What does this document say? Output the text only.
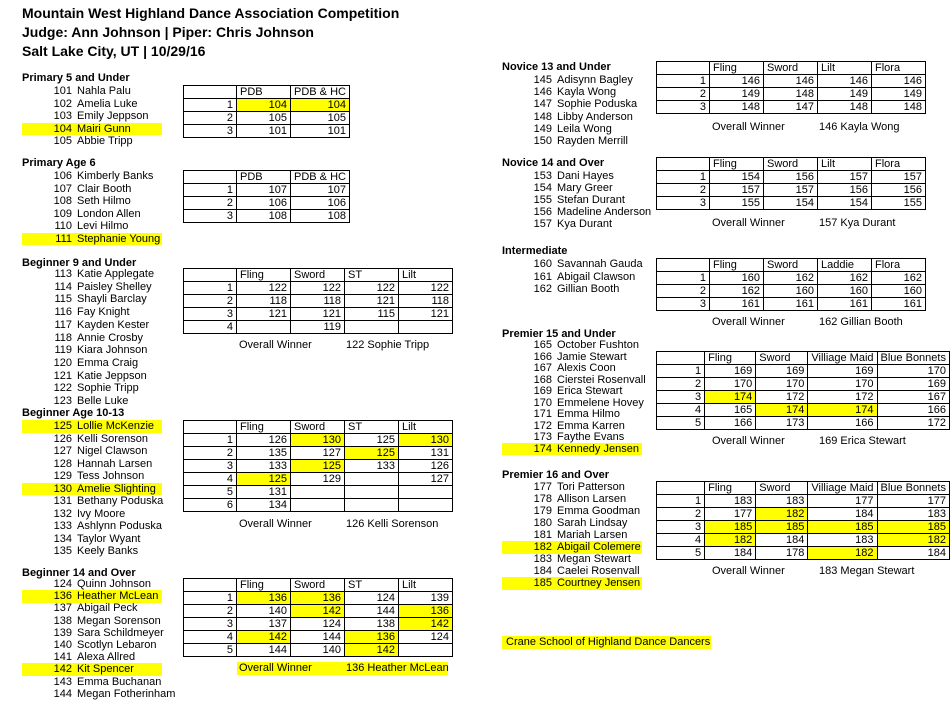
Mountain West Highland Dance Association Competition
Judge: Ann Johnson | Piper: Chris Johnson
Salt Lake City, UT | 10/29/16
Primary 5 and Under
101 Nahla Palu
102 Amelia Luke
103 Emily Jeppson
104 Mairi Gunn
105 Abbie Tripp
	PDB	PDB & HC
1	104	104
2	105	105
3	101	101
Primary Age 6
106 Kimberly Banks
107 Clair Booth
108 Seth Hilmo
109 London Allen
110 Levi Hilmo
111 Stephanie Young
	PDB	PDB & HC
1	107	107
2	106	106
3	108	108
Beginner 9 and Under
113 Katie Applegate
114 Paisley Shelley
115 Shayli Barclay
116 Fay Knight
117 Kayden Kester
118 Annie Crosby
119 Kiara Johnson
120 Emma Craig
121 Katie Jeppson
122 Sophie Tripp
123 Belle Luke
	Fling	Sword	ST	Lilt
1	122	122	122	122
2	118	118	121	118
3	121	121	115	121
4		119		
Overall Winner	122 Sophie Tripp
Beginner Age 10-13
125 Lollie McKenzie
126 Kelli Sorenson
127 Nigel Clawson
128 Hannah Larsen
129 Tess Johnson
130 Amelie Slighting
131 Bethany Poduska
132 Ivy Moore
133 Ashlynn Poduska
134 Taylor Wyant
135 Keely Banks
	Fling	Sword	ST	Lilt
1	126	130	125	130
2	135	127	125	131
3	133	125	133	126
4	125	129		127
5	131			
6	134			
Overall Winner	126 Kelli Sorenson
Beginner 14 and Over
124 Quinn Johnson
136 Heather McLean
137 Abigail Peck
138 Megan Sorenson
139 Sara Schildmeyer
140 Scotlyn Lebaron
141 Alexa Allred
142 Kit Spencer
143 Emma Buchanan
144 Megan Fotherinham
	Fling	Sword	ST	Lilt
1	136	136	124	139
2	140	142	144	136
3	137	124	138	142
4	142	144	136	124
5	144	140	142	
Overall Winner	136 Heather McLean
Novice 13 and Under
145 Adisynn Bagley
146 Kayla Wong
147 Sophie Poduska
148 Libby Anderson
149 Leila Wong
150 Rayden Merrill
	Fling	Sword	Lilt	Flora
1	146	146	146	146
2	149	148	149	149
3	148	147	148	148
Overall Winner	146 Kayla Wong
Novice 14 and Over
153 Dani Hayes
154 Mary Greer
155 Stefan Durant
156 Madeline Anderson
157 Kya Durant
	Fling	Sword	Lilt	Flora
1	154	156	157	157
2	157	157	156	156
3	155	154	154	155
Overall Winner	157 Kya Durant
Intermediate
160 Savannah Gauda
161 Abigail Clawson
162 Gillian Booth
	Fling	Sword	Laddie	Flora
1	160	162	162	162
2	162	160	160	160
3	161	161	161	161
Overall Winner	162 Gillian Booth
Premier 15 and Under
165 October Fushton
166 Jamie Stewart
167 Alexis Coon
168 Cierstei Rosenvall
169 Erica Stewart
170 Emmelene Hovey
171 Emma Hilmo
172 Emma Karren
173 Faythe Evans
174 Kennedy Jensen
	Fling	Sword	Villiage Maid	Blue Bonnets
1	169	169	169	170
2	170	170	170	169
3	174	172	172	167
4	165	174	174	166
5	166	173	166	172
Overall Winner	169 Erica Stewart
Premier 16 and Over
177 Tori Patterson
178 Allison Larsen
179 Emma Goodman
180 Sarah Lindsay
181 Mariah Larsen
182 Abigail Colemere
183 Megan Stewart
184 Caelei Rosenvall
185 Courtney Jensen
	Fling	Sword	Villiage Maid	Blue Bonnets
1	183	183	177	177
2	177	182	184	183
3	185	185	185	185
4	182	184	183	182
5	184	178	182	184
Overall Winner	183 Megan Stewart
Crane School of Highland Dance Dancers
